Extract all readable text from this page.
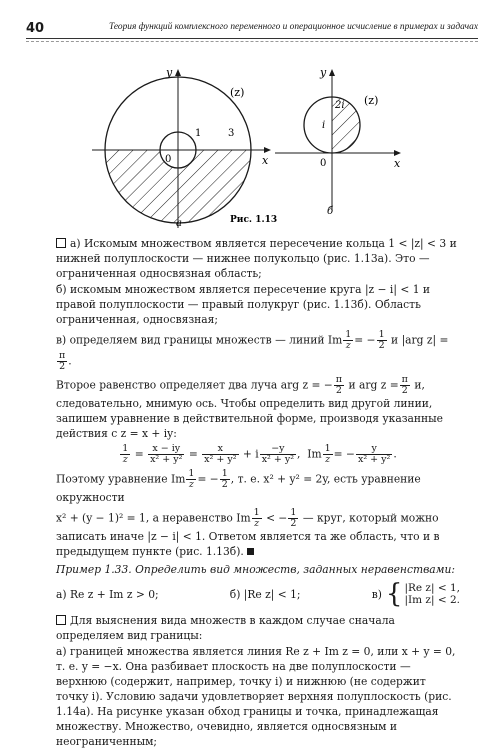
40	Теория функций комплексного переменного и операционное исчисление в примерах и задачах
x
y
(z)
0
1	3
а
x
y
(z)
2i
i
0
б
Рис. 1.13

а) Искомым множеством является пересечение кольца 1 < |z| < 3 и нижней полуплоскости — нижнее полукольцо (рис. 1.13а). Это — ограниченная односвязная область;

б) искомым множеством является пересечение круга |z − i| < 1 и правой полуплоскости — правый полукруг (рис. 1.13б). Область ограниченная, односвязная;

в) определяем вид границы множеств — линий Im $\frac{1}{z}$ = − $\frac{1}{2}$ и |arg z| =
$\frac{\pi}{2}$ .

Второе равенство определяет два луча arg z = − $\frac{\pi}{2}$ и arg $z = \frac{\pi}{2} и$, следовательно, мнимую ось. Чтобы определить вид другой линии, запишем уравнение в действительной форме, производя указанные действия с z = x + iy:

$\frac{1}{z} = \frac{x - iy}{\text{x² + y²}} = \frac{x}{\text{x² + y²}} + i \frac{-y}{\text{x² + y²}}$ ,  Im $\frac{1}{z}$ = − $\frac{y}{\text{x² + y²}}$ .

Поэтому уравнение Im $\frac{1}{z}$ = − $\frac{1}{2}$ , т. е. x² + y² = 2y, есть уравнение окружности

x² + (y − 1)² = 1, а неравенство Im $\frac{1}{z}$ < − $\frac{1}{2}$ — круг, который можно записать иначе |z − i| < 1. Ответом является та же область, что и в предыдущем пункте (рис. 1.13б).

Пример 1.33. Определить вид множеств, заданных неравенствами:

а) Re z + Im z > 0;	б) |Re z| < 1;	в) { |Re z| < 1,
|Im z| < 2.

Для выяснения вида множеств в каждом случае сначала определяем вид границы:

а) границей множества является линия Re z + Im z = 0, или x + y = 0, т. е. y = −x. Она разбивает плоскость на две полуплоскости — верхнюю (содержит, например, точку i) и нижнюю (не содержит точку i). Условию задачи удовлетворяет верхняя полуплоскость (рис. 1.14а). На рисунке указан обход границы и точка, принадлежащая множеству. Множество, очевидно, является односвязным и неограниченным;
